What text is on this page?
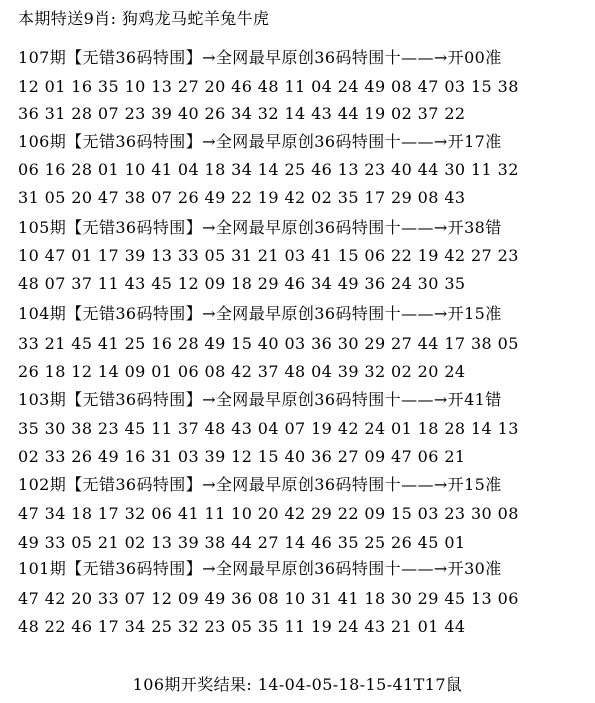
本期特送9肖: 狗鸡龙马蛇羊兔牛虎
107期【无错36码特围】→全网最早原创36码特围十——→开00准
12 01 16 35 10 13 27 20 46 48 11 04 24 49 08 47 03 15 38
36 31 28 07 23 39 40 26 34 32 14 43 44 19 02 37 22
106期【无错36码特围】→全网最早原创36码特围十——→开17准
06 16 28 01 10 41 04 18 34 14 25 46 13 23 40 44 30 11 32
31 05 20 47 38 07 26 49 22 19 42 02 35 17 29 08 43
105期【无错36码特围】→全网最早原创36码特围十——→开38错
10 47 01 17 39 13 33 05 31 21 03 41 15 06 22 19 42 27 23
48 07 37 11 43 45 12 09 18 29 46 34 49 36 24 30 35
104期【无错36码特围】→全网最早原创36码特围十——→开15准
33 21 45 41 25 16 28 49 15 40 03 36 30 29 27 44 17 38 05
26 18 12 14 09 01 06 08 42 37 48 04 39 32 02 20 24
103期【无错36码特围】→全网最早原创36码特围十——→开41错
35 30 38 23 45 11 37 48 43 04 07 19 42 24 01 18 28 14 13
02 33 26 49 16 31 03 39 12 15 40 36 27 09 47 06 21
102期【无错36码特围】→全网最早原创36码特围十——→开15准
47 34 18 17 32 06 41 11 10 20 42 29 22 09 15 03 23 30 08
49 33 05 21 02 13 39 38 44 27 14 46 35 25 26 45 01
101期【无错36码特围】→全网最早原创36码特围十——→开30准
47 42 20 33 07 12 09 49 36 08 10 31 41 18 30 29 45 13 06
48 22 46 17 34 25 32 23 05 35 11 19 24 43 21 01 44
106期开奖结果: 14-04-05-18-15-41T17鼠
